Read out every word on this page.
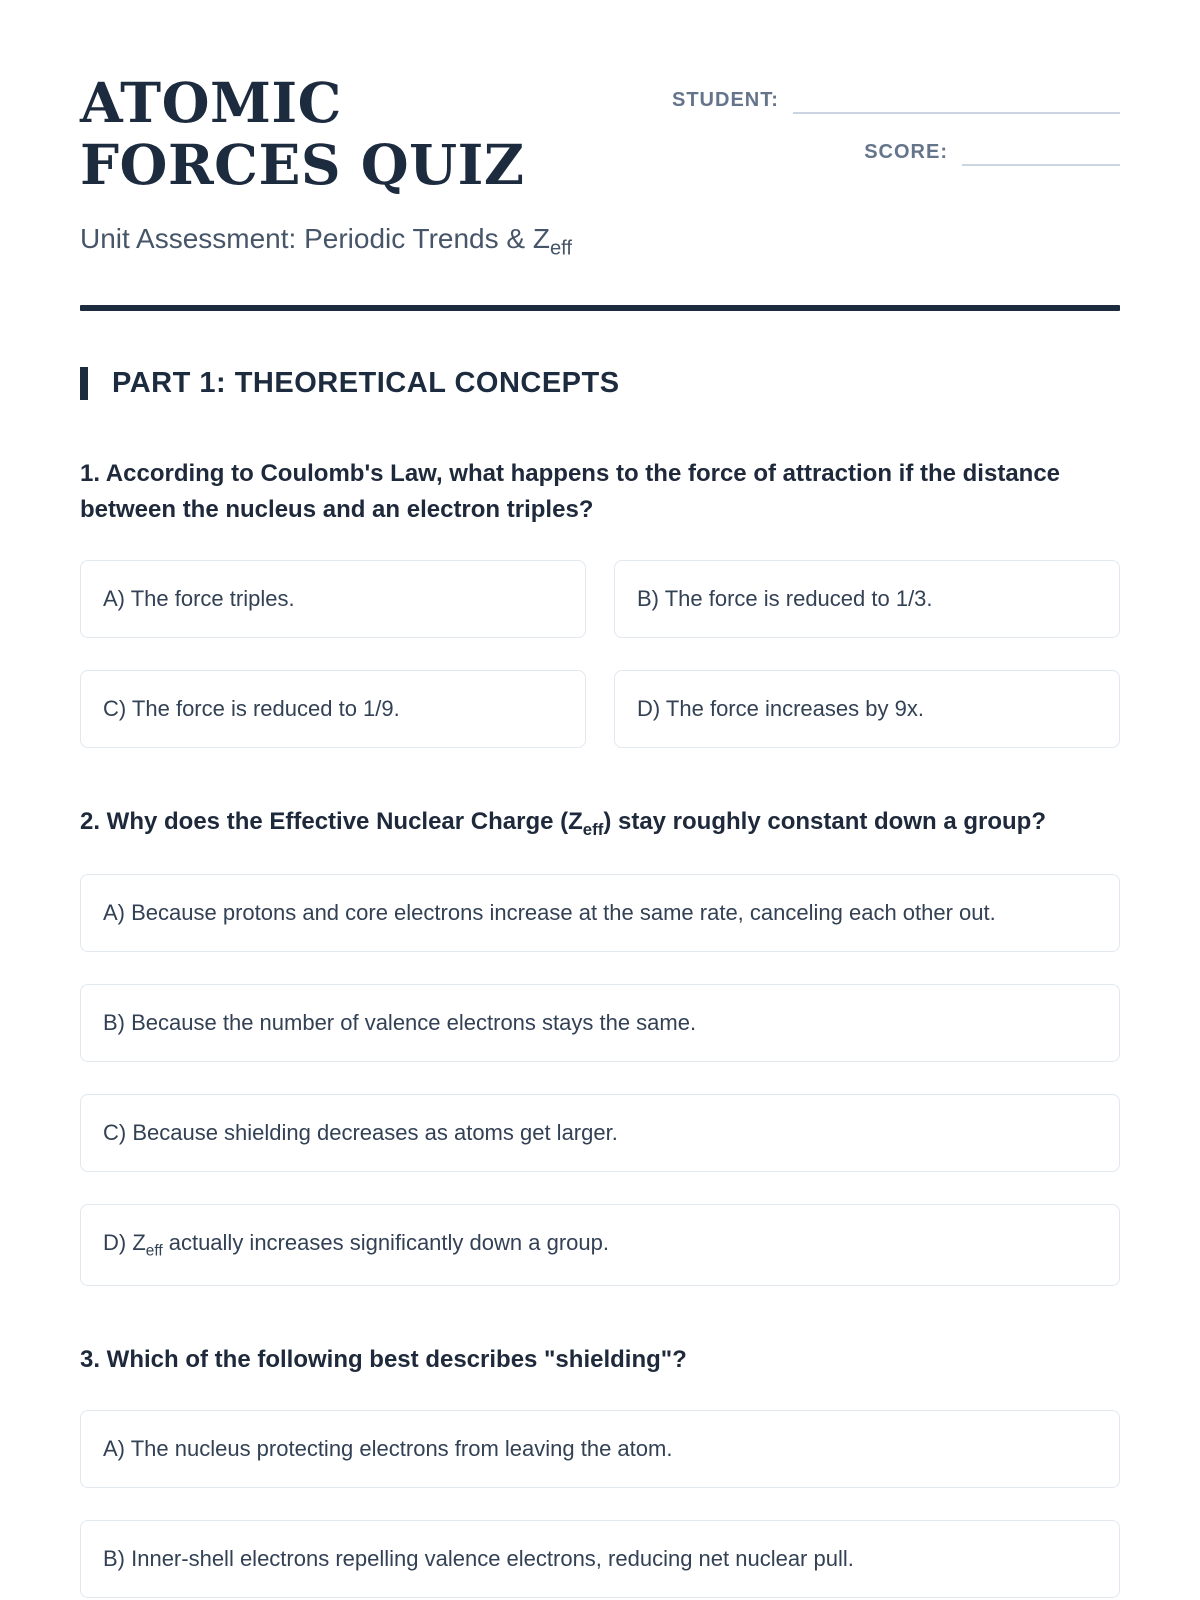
ATOMIC FORCES QUIZ
Unit Assessment: Periodic Trends & $Z_{eff}$
STUDENT:
SCORE:
PART 1: THEORETICAL CONCEPTS

1. According to Coulomb's Law, what happens to the force of attraction if the distance between the nucleus and an electron triples?

A) The force triples.	B) The force is reduced to 1/3.
C) The force is reduced to 1/9.	D) The force increases by 9x.

2. Why does the Effective Nuclear Charge $(Z_{eff})$ stay roughly constant down a group?

A) Because protons and core electrons increase at the same rate, canceling each other out.
B) Because the number of valence electrons stays the same.
C) Because shielding decreases as atoms get larger.
D) $Z_{eff}$ actually increases significantly down a group.

3. Which of the following best describes "shielding"?

A) The nucleus protecting electrons from leaving the atom.
B) Inner-shell electrons repelling valence electrons, reducing net nuclear pull.
